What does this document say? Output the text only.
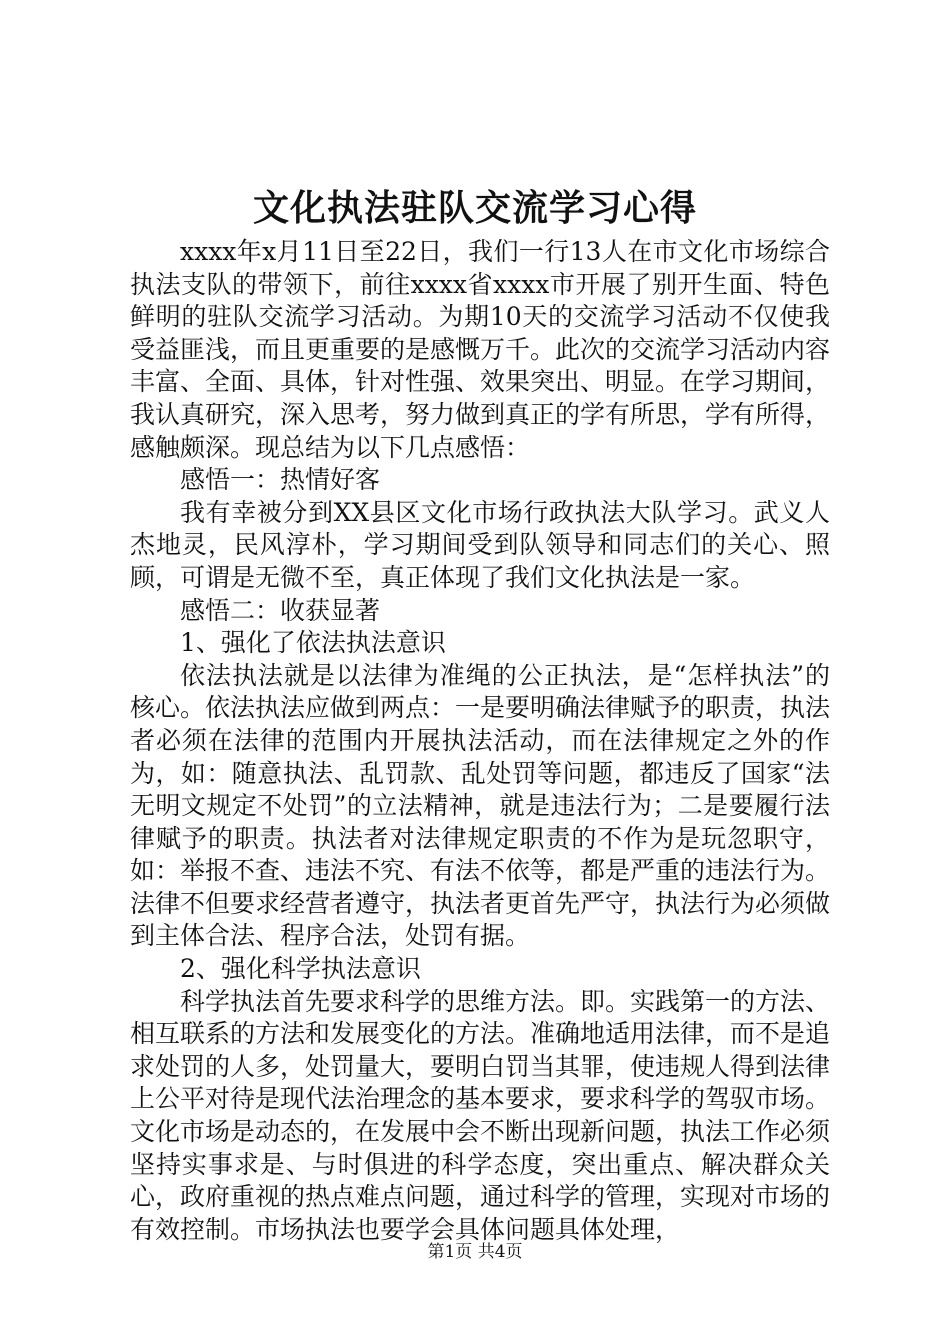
文化执法驻队交流学习心得

xxxx年x月11日至22日，我们一行13人在市文化市场综合执法支队的带领下，前往xxxx省xxxx市开展了别开生面、特色鲜明的驻队交流学习活动。为期10天的交流学习活动不仅使我受益匪浅，而且更重要的是感慨万千。此次的交流学习活动内容丰富、全面、具体，针对性强、效果突出、明显。在学习期间，我认真研究，深入思考，努力做到真正的学有所思，学有所得，感触颇深。现总结为以下几点感悟：

感悟一：热情好客

我有幸被分到XX县区文化市场行政执法大队学习。武义人杰地灵，民风淳朴，学习期间受到队领导和同志们的关心、照顾，可谓是无微不至，真正体现了我们文化执法是一家。

感悟二：收获显著

1、强化了依法执法意识

依法执法就是以法律为准绳的公正执法，是“怎样执法”的核心。依法执法应做到两点：一是要明确法律赋予的职责，执法者必须在法律的范围内开展执法活动，而在法律规定之外的作为，如：随意执法、乱罚款、乱处罚等问题，都违反了国家“法无明文规定不处罚”的立法精神，就是违法行为；二是要履行法律赋予的职责。执法者对法律规定职责的不作为是玩忽职守，如：举报不查、违法不究、有法不依等，都是严重的违法行为。法律不但要求经营者遵守，执法者更首先严守，执法行为必须做到主体合法、程序合法，处罚有据。

2、强化科学执法意识

科学执法首先要求科学的思维方法。即。实践第一的方法、相互联系的方法和发展变化的方法。准确地适用法律，而不是追求处罚的人多，处罚量大，要明白罚当其罪，使违规人得到法律上公平对待是现代法治理念的基本要求，要求科学的驾驭市场。文化市场是动态的，在发展中会不断出现新问题，执法工作必须坚持实事求是、与时俱进的科学态度，突出重点、解决群众关心，政府重视的热点难点问题，通过科学的管理，实现对市场的有效控制。市场执法也要学会具体问题具体处理，

第1页 共4页
